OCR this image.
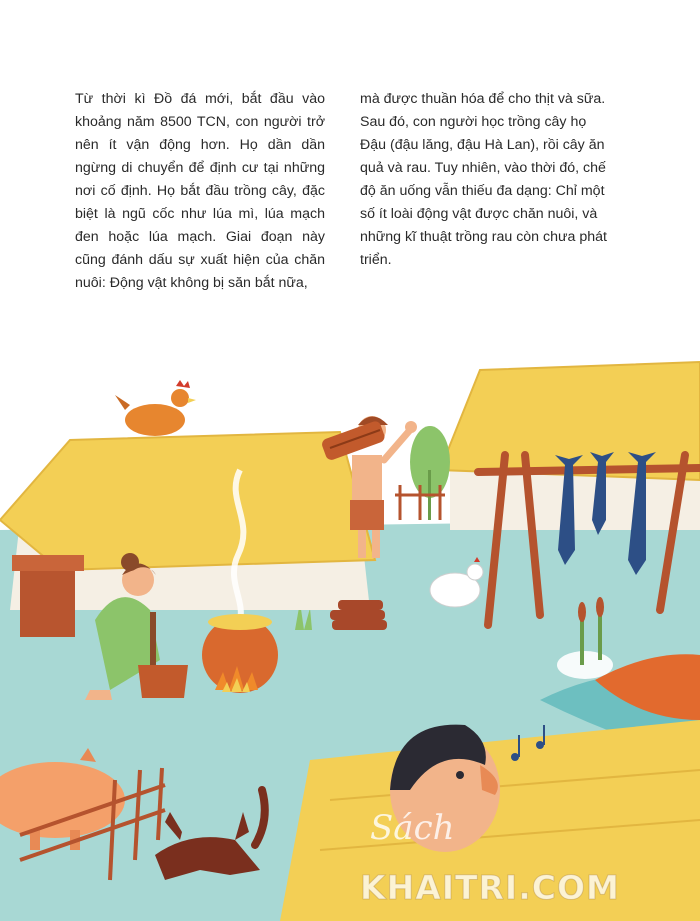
Từ thời kì Đồ đá mới, bắt đầu vào khoảng năm 8500 TCN, con người trở nên ít vận động hơn. Họ dần dần ngừng di chuyển để định cư tại những nơi cố định. Họ bắt đầu trồng cây, đặc biệt là ngũ cốc như lúa mì, lúa mạch đen hoặc lúa mạch. Giai đoạn này cũng đánh dấu sự xuất hiện của chăn nuôi: Động vật không bị săn bắt nữa,
mà được thuần hóa để cho thịt và sữa. Sau đó, con người học trồng cây họ Đậu (đậu lăng, đậu Hà Lan), rồi cây ăn quả và rau. Tuy nhiên, vào thời đó, chế độ ăn uống vẫn thiếu đa dạng: Chỉ một số ít loài động vật được chăn nuôi, và những kĩ thuật trồng rau còn chưa phát triển.
Sách
KHAITRI.COM
